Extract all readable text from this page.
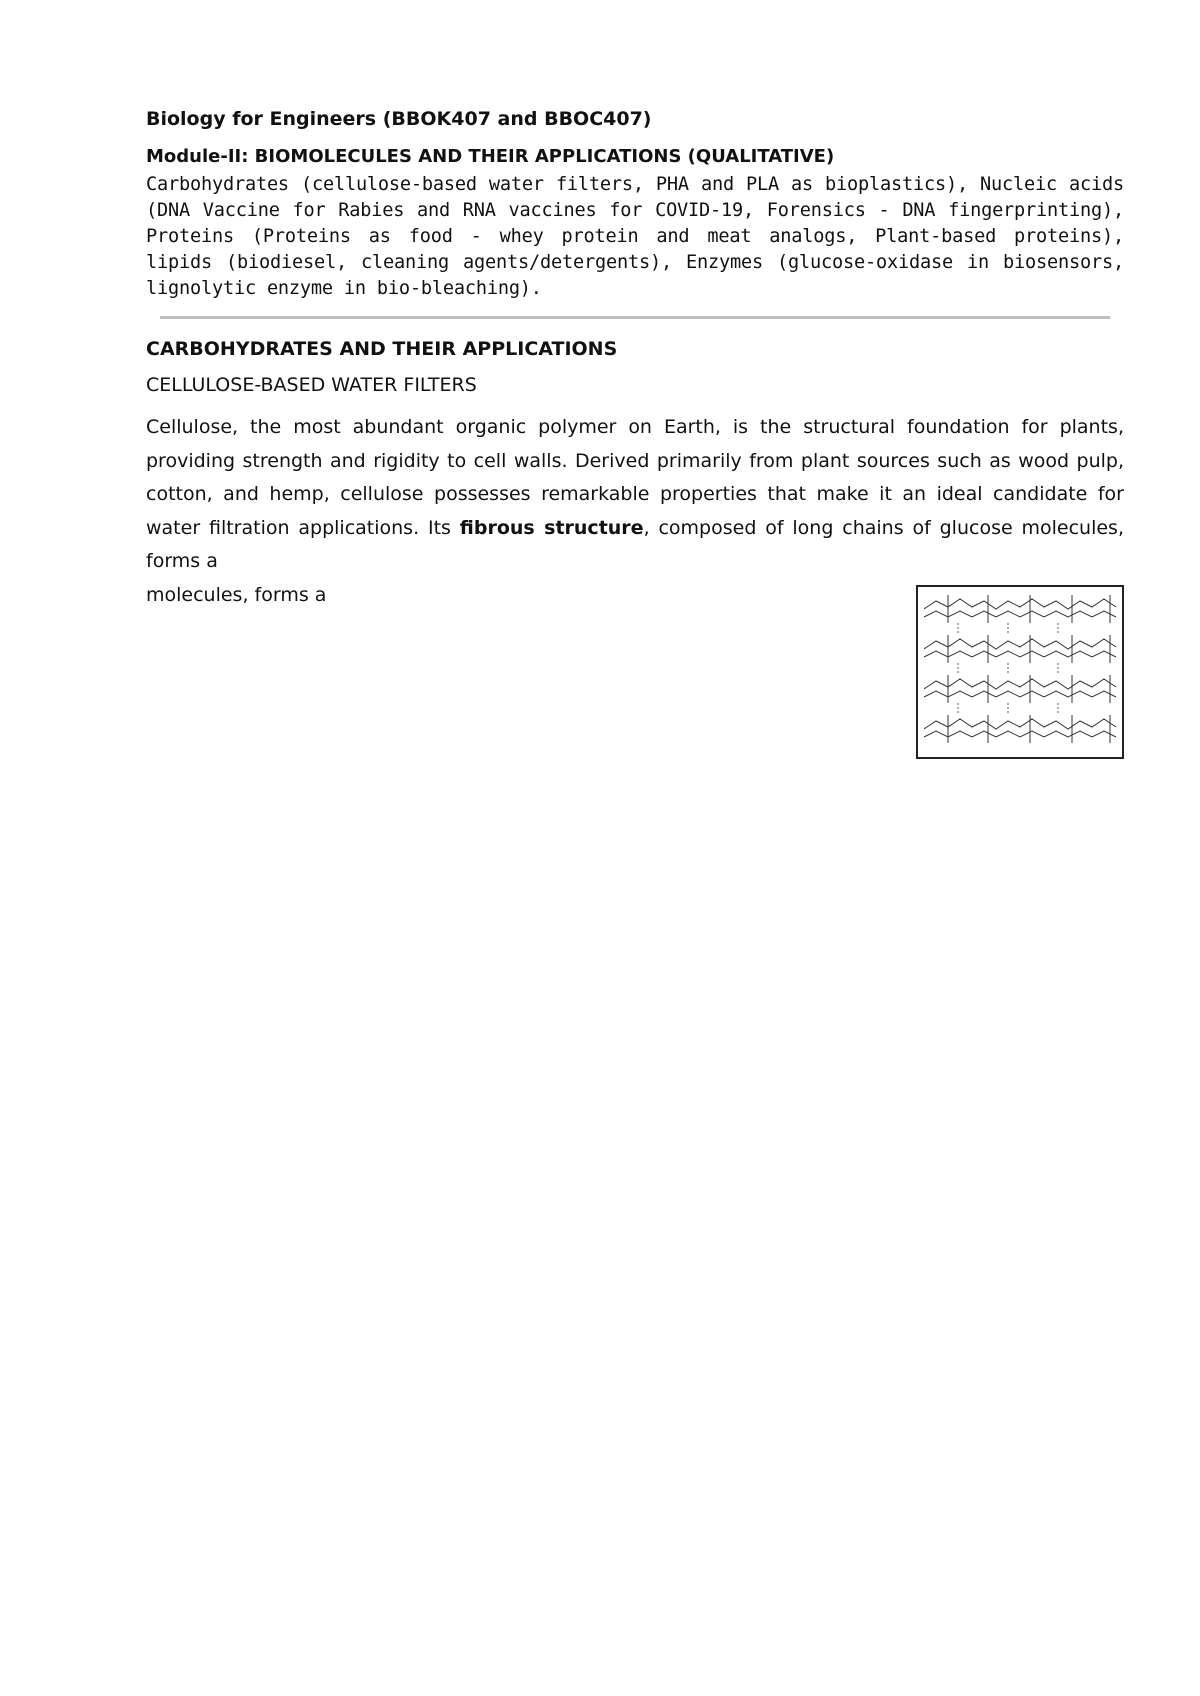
Biology for Engineers (BBOK407 and BBOC407)

Module-II: BIOMOLECULES AND THEIR APPLICATIONS (QUALITATIVE)

Carbohydrates (cellulose-based water filters, PHA and PLA as bioplastics), Nucleic acids (DNA Vaccine for Rabies and RNA vaccines for COVID-19, Forensics - DNA fingerprinting), Proteins (Proteins as food - whey protein and meat analogs, Plant-based proteins), lipids (biodiesel, cleaning agents/detergents), Enzymes (glucose-oxidase in biosensors, lignolytic enzyme in bio-bleaching).

CARBOHYDRATES AND THEIR APPLICATIONS

CELLULOSE-BASED WATER FILTERS

Cellulose, the most abundant organic polymer on Earth, is the structural foundation for plants, providing strength and rigidity to cell walls. Derived primarily from plant sources such as wood pulp, cotton, and hemp, cellulose possesses remarkable properties that make it an ideal candidate for water filtration applications. Its fibrous structure, composed of long chains of glucose molecules, forms a

molecules, forms a
